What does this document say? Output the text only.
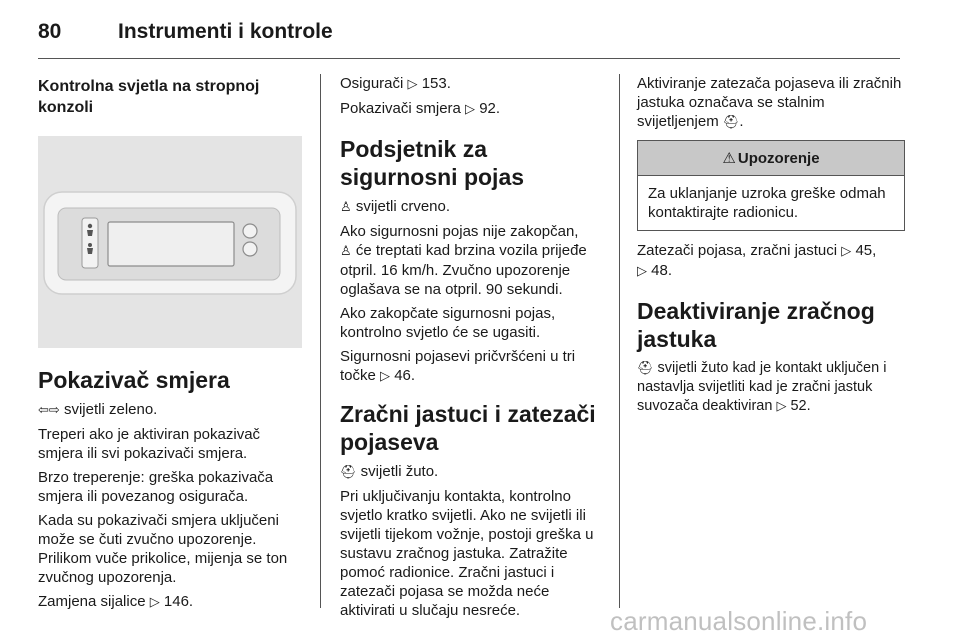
80	Instrumenti i kontrole
Kontrolna svjetla na stropnoj konzoli
Pokazivač smjera

⇦⇨ svijetli zeleno.

Treperi ako je aktiviran pokazivač smjera ili svi pokazivači smjera.

Brzo treperenje: greška pokazivača smjera ili povezanog osigurača.

Kada su pokazivači smjera uključeni može se čuti zvučno upozorenje. Prilikom vuče prikolice, mijenja se ton zvučnog upozorenja.

Zamjena sijalice ▷ 146.

Osigurači ▷ 153.

Pokazivači smjera ▷ 92.

Podsjetnik za sigurnosni pojas

♙ svijetli crveno.

Ako sigurnosni pojas nije zakopčan,
♙ će treptati kad brzina vozila prijeđe otpril. 16 km/h. Zvučno upozorenje oglašava se na otpril. 90 sekundi.

Ako zakopčate sigurnosni pojas, kontrolno svjetlo će se ugasiti.

Sigurnosni pojasevi pričvršćeni u tri točke ▷ 46.

Zračni jastuci i zatezači pojaseva

⛑ svijetli žuto.

Pri uključivanju kontakta, kontrolno svjetlo kratko svijetli. Ako ne svijetli ili svijetli tijekom vožnje, postoji greška u sustavu zračnog jastuka. Zatražite pomoć radionice. Zračni jastuci i zatezači pojasa se možda neće aktivirati u slučaju nesreće.

Aktiviranje zatezača pojaseva ili zračnih jastuka označava se stalnim svijetljenjem ⛑.

⚠ Upozorenje
Za uklanjanje uzroka greške odmah kontaktirajte radionicu.

Zatezači pojasa, zračni jastuci ▷ 45,
▷ 48.

Deaktiviranje zračnog jastuka

⛑ svijetli žuto kad je kontakt uključen i nastavlja svijetliti kad je zračni jastuk suvozača deaktiviran ▷ 52.

carmanualsonline.info
